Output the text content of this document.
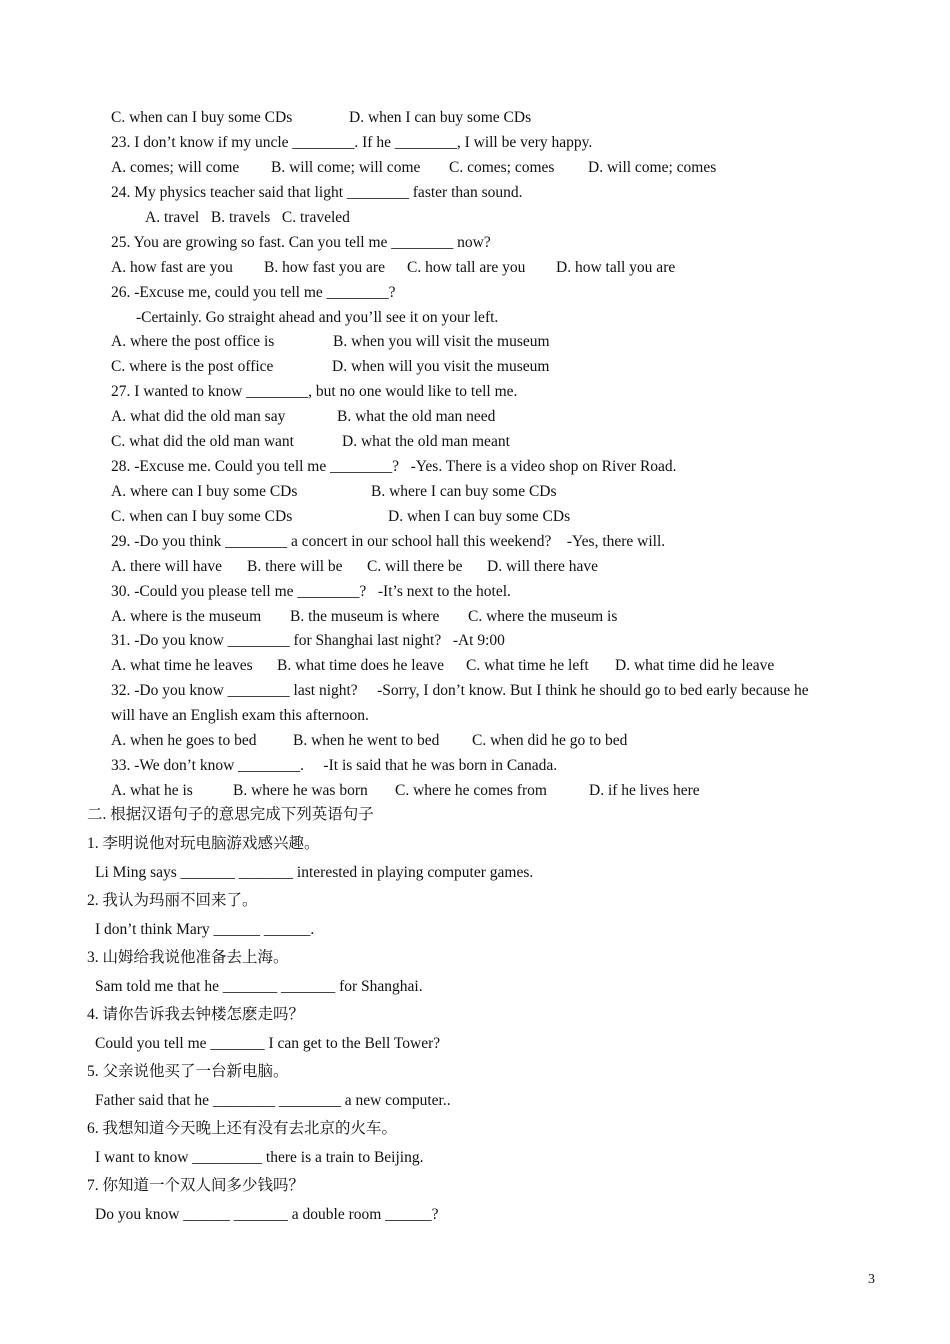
C. when can I buy some CDs

	D. when I can buy some CDs

23. I don’t know if my uncle ________. If he ________, I will be very happy.

A. comes; will come

B. will come; will come

C. comes; comes

D. will come; comes

24. My physics teacher said that light ________ faster than sound.
A. travel   B. travels   C. traveled
25. You are growing so fast. Can you tell me ________ now?

A. how fast are you

B. how fast you are

C. how tall are you

D. how tall you are

26. -Excuse me, could you tell me ________?
-Certainly. Go straight ahead and you’ll see it on your left.

A. where the post office is

	B. when you will visit the museum

C. where is the post office

	D. when will you visit the museum

27. I wanted to know ________, but no one would like to tell me.

A. what did the old man say

	B. what the old man need

C. what did the old man want

	D. what the old man meant

28. -Excuse me. Could you tell me ________?   -Yes. There is a video shop on River Road.

A. where can I buy some CDs

	B. where I can buy some CDs

C. when can I buy some CDs

	D. when I can buy some CDs

29. -Do you think ________ a concert in our school hall this weekend?    -Yes, there will.

A. there will have

B. there will be

C. will there be

D. will there have

30. -Could you please tell me ________?   -It’s next to the hotel.

A. where is the museum

B. the museum is where

C. where the museum is

31. -Do you know ________ for Shanghai last night?   -At 9:00

A. what time he leaves

B. what time does he leave

C. what time he left

D. what time did he leave

32. -Do you know ________ last night?     -Sorry, I don’t know. But I think he should go to bed early because he
will have an English exam this afternoon.

A. when he goes to bed

B. when he went to bed

C. when did he go to bed

33. -We don’t know ________.     -It is said that he was born in Canada.

A. what he is

	B. where he was born

C. where he comes from

	D. if he lives here

二. 根据汉语句子的意思完成下列英语句子
1. 李明说他对玩电脑游戏感兴趣。
Li Ming says _______ _______ interested in playing computer games.
2. 我认为玛丽不回来了。
I don’t think Mary ______ ______.
3. 山姆给我说他准备去上海。
Sam told me that he _______ _______ for Shanghai.
4. 请你告诉我去钟楼怎麽走吗？
Could you tell me _______ I can get to the Bell Tower?
5. 父亲说他买了一台新电脑。
Father said that he ________ ________ a new computer..
6. 我想知道今天晚上还有没有去北京的火车。
I want to know _________ there is a train to Beijing.
7. 你知道一个双人间多少钱吗？
Do you know ______ _______ a double room ______?
3
